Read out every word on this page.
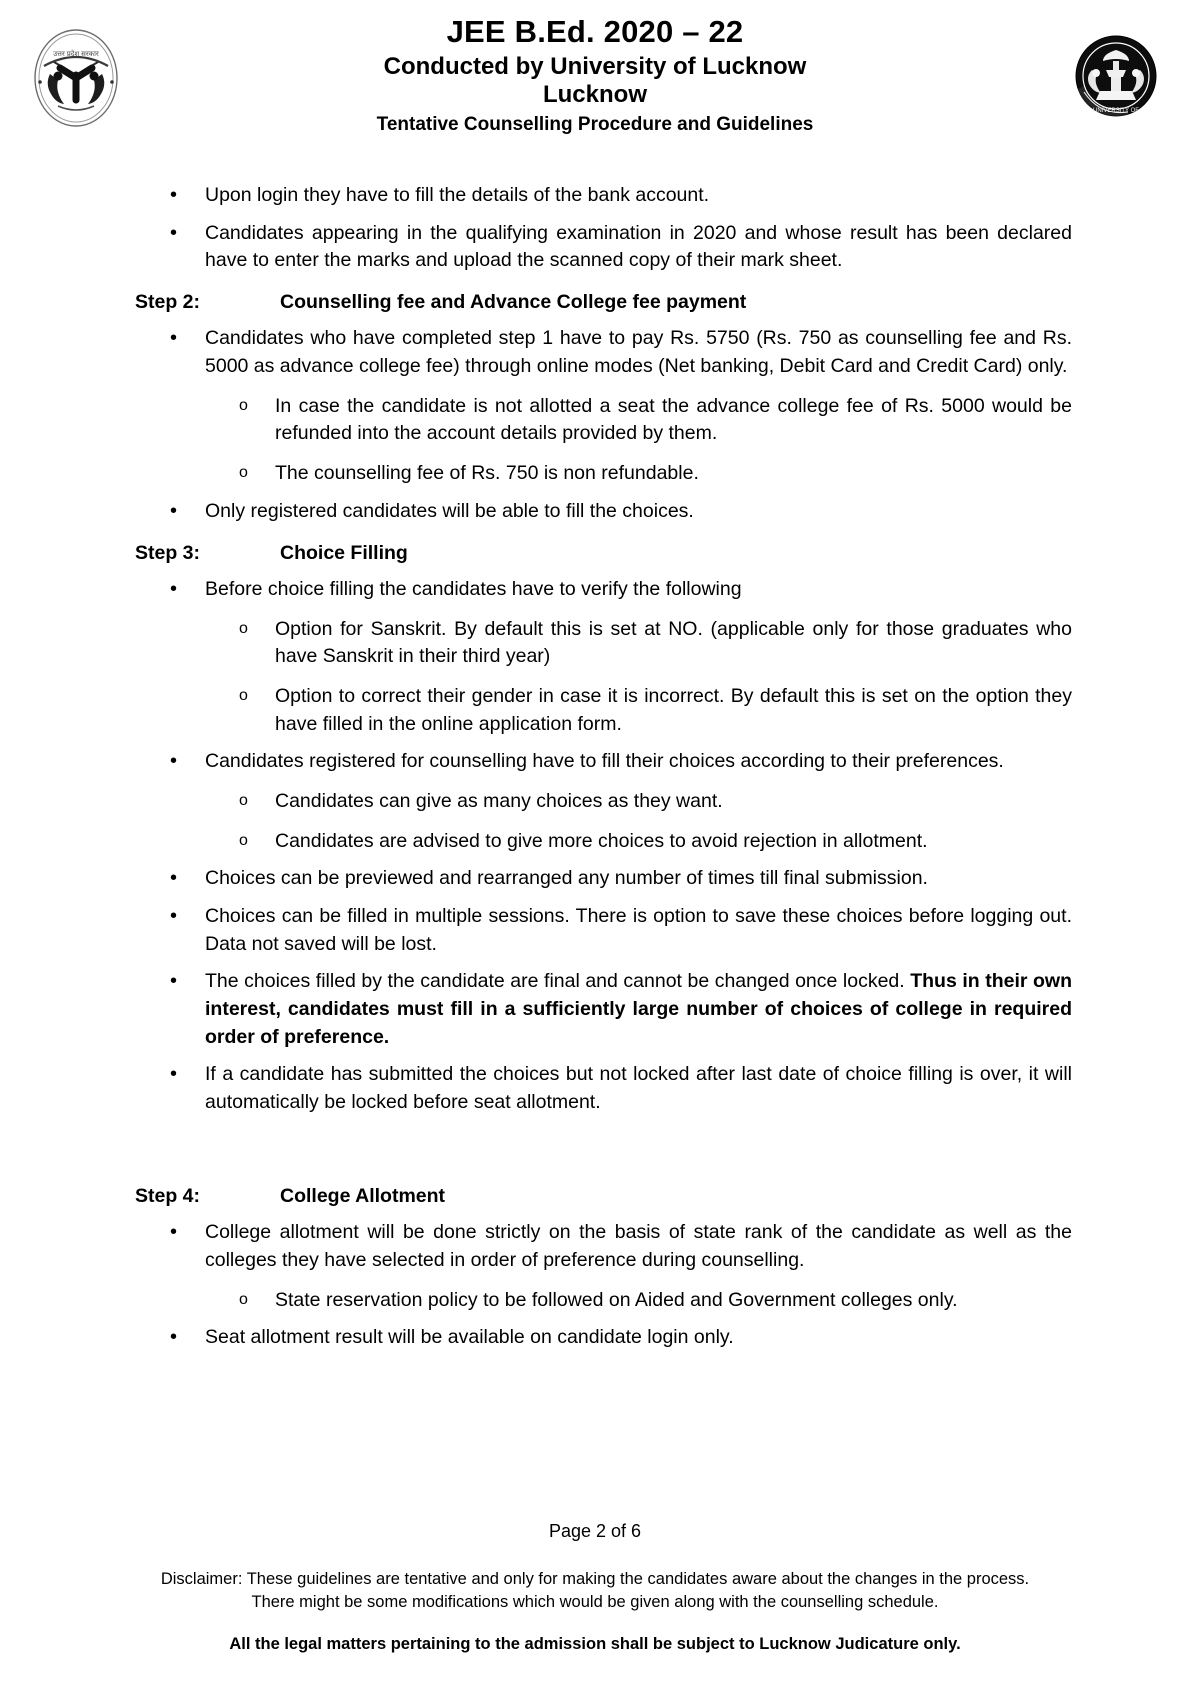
उत्तर प्रदेश सरकार
JEE B.Ed. 2020 – 22
Conducted by University of Lucknow
Lucknow
Tentative Counselling Procedure and Guidelines
UNIVERSITY OF
• Upon login they have to fill the details of the bank account.
• Candidates appearing in the qualifying examination in 2020 and whose result has been declared have to enter the marks and upload the scanned copy of their mark sheet.
Step 2:	Counselling fee and Advance College fee payment
• Candidates who have completed step 1 have to pay Rs. 5750 (Rs. 750 as counselling fee and Rs. 5000 as advance college fee) through online modes (Net banking, Debit Card and Credit Card) only.
o In case the candidate is not allotted a seat the advance college fee of Rs. 5000 would be refunded into the account details provided by them.
o The counselling fee of Rs. 750 is non refundable.
• Only registered candidates will be able to fill the choices.
Step 3:	Choice Filling
• Before choice filling the candidates have to verify the following
o Option for Sanskrit. By default this is set at NO. (applicable only for those graduates who have Sanskrit in their third year)
o Option to correct their gender in case it is incorrect. By default this is set on the option they have filled in the online application form.
• Candidates registered for counselling have to fill their choices according to their preferences.
o Candidates can give as many choices as they want.
o Candidates are advised to give more choices to avoid rejection in allotment.
• Choices can be previewed and rearranged any number of times till final submission.
• Choices can be filled in multiple sessions. There is option to save these choices before logging out. Data not saved will be lost.
• The choices filled by the candidate are final and cannot be changed once locked. Thus in their own interest, candidates must fill in a sufficiently large number of choices of college in required order of preference.
• If a candidate has submitted the choices but not locked after last date of choice filling is over, it will automatically be locked before seat allotment.
Step 4:	College Allotment
• College allotment will be done strictly on the basis of state rank of the candidate as well as the colleges they have selected in order of preference during counselling.
o State reservation policy to be followed on Aided and Government colleges only.
• Seat allotment result will be available on candidate login only.
Page 2 of 6
Disclaimer: These guidelines are tentative and only for making the candidates aware about the changes in the process. There might be some modifications which would be given along with the counselling schedule.
All the legal matters pertaining to the admission shall be subject to Lucknow Judicature only.
